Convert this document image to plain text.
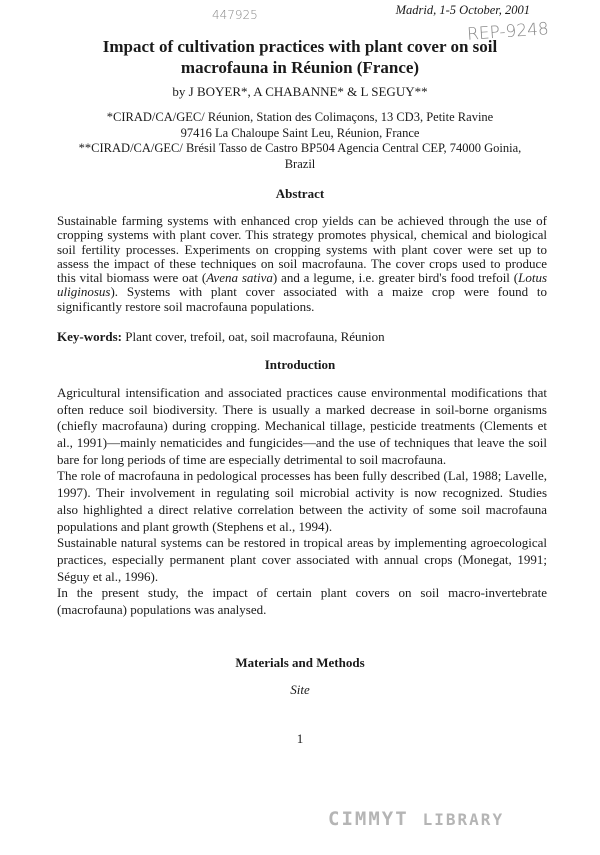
Madrid, 1-5 October, 2001
447925
REP-9248
Impact of cultivation practices with plant cover on soil
macrofauna in Réunion (France)
by J BOYER*, A CHABANNE* & L SEGUY**
*CIRAD/CA/GEC/ Réunion, Station des Colimaçons, 13 CD3, Petite Ravine
97416 La Chaloupe Saint Leu, Réunion, France
**CIRAD/CA/GEC/ Brésil Tasso de Castro BP504 Agencia Central CEP, 74000 Goinia,
Brazil
Abstract
Sustainable farming systems with enhanced crop yields can be achieved through the use of
cropping systems with plant cover. This strategy promotes physical, chemical and biological
soil fertility processes. Experiments on cropping systems with plant cover were set up to
assess the impact of these techniques on soil macrofauna. The cover crops used to produce
this vital biomass were oat (Avena sativa) and a legume, i.e. greater bird's food trefoil (Lotus
uliginosus). Systems with plant cover associated with a maize crop were found to
significantly restore soil macrofauna populations.
Key-words: Plant cover, trefoil, oat, soil macrofauna, Réunion
Introduction
Agricultural intensification and associated practices cause environmental modifications that
often reduce soil biodiversity. There is usually a marked decrease in soil-borne organisms
(chiefly macrofauna) during cropping. Mechanical tillage, pesticide treatments (Clements et
al., 1991)—mainly nematicides and fungicides—and the use of techniques that leave the soil
bare for long periods of time are especially detrimental to soil macrofauna.
The role of macrofauna in pedological processes has been fully described (Lal, 1988; Lavelle,
1997). Their involvement in regulating soil microbial activity is now recognized. Studies
also highlighted a direct relative correlation between the activity of some soil macrofauna
populations and plant growth (Stephens et al., 1994).
Sustainable natural systems can be restored in tropical areas by implementing agroecological
practices, especially permanent plant cover associated with annual crops (Monegat, 1991;
Séguy et al., 1996).
In the present study, the impact of certain plant covers on soil macro-invertebrate
(macrofauna) populations was analysed.
Materials and Methods
Site
1
CIMMYT LIBRARY
